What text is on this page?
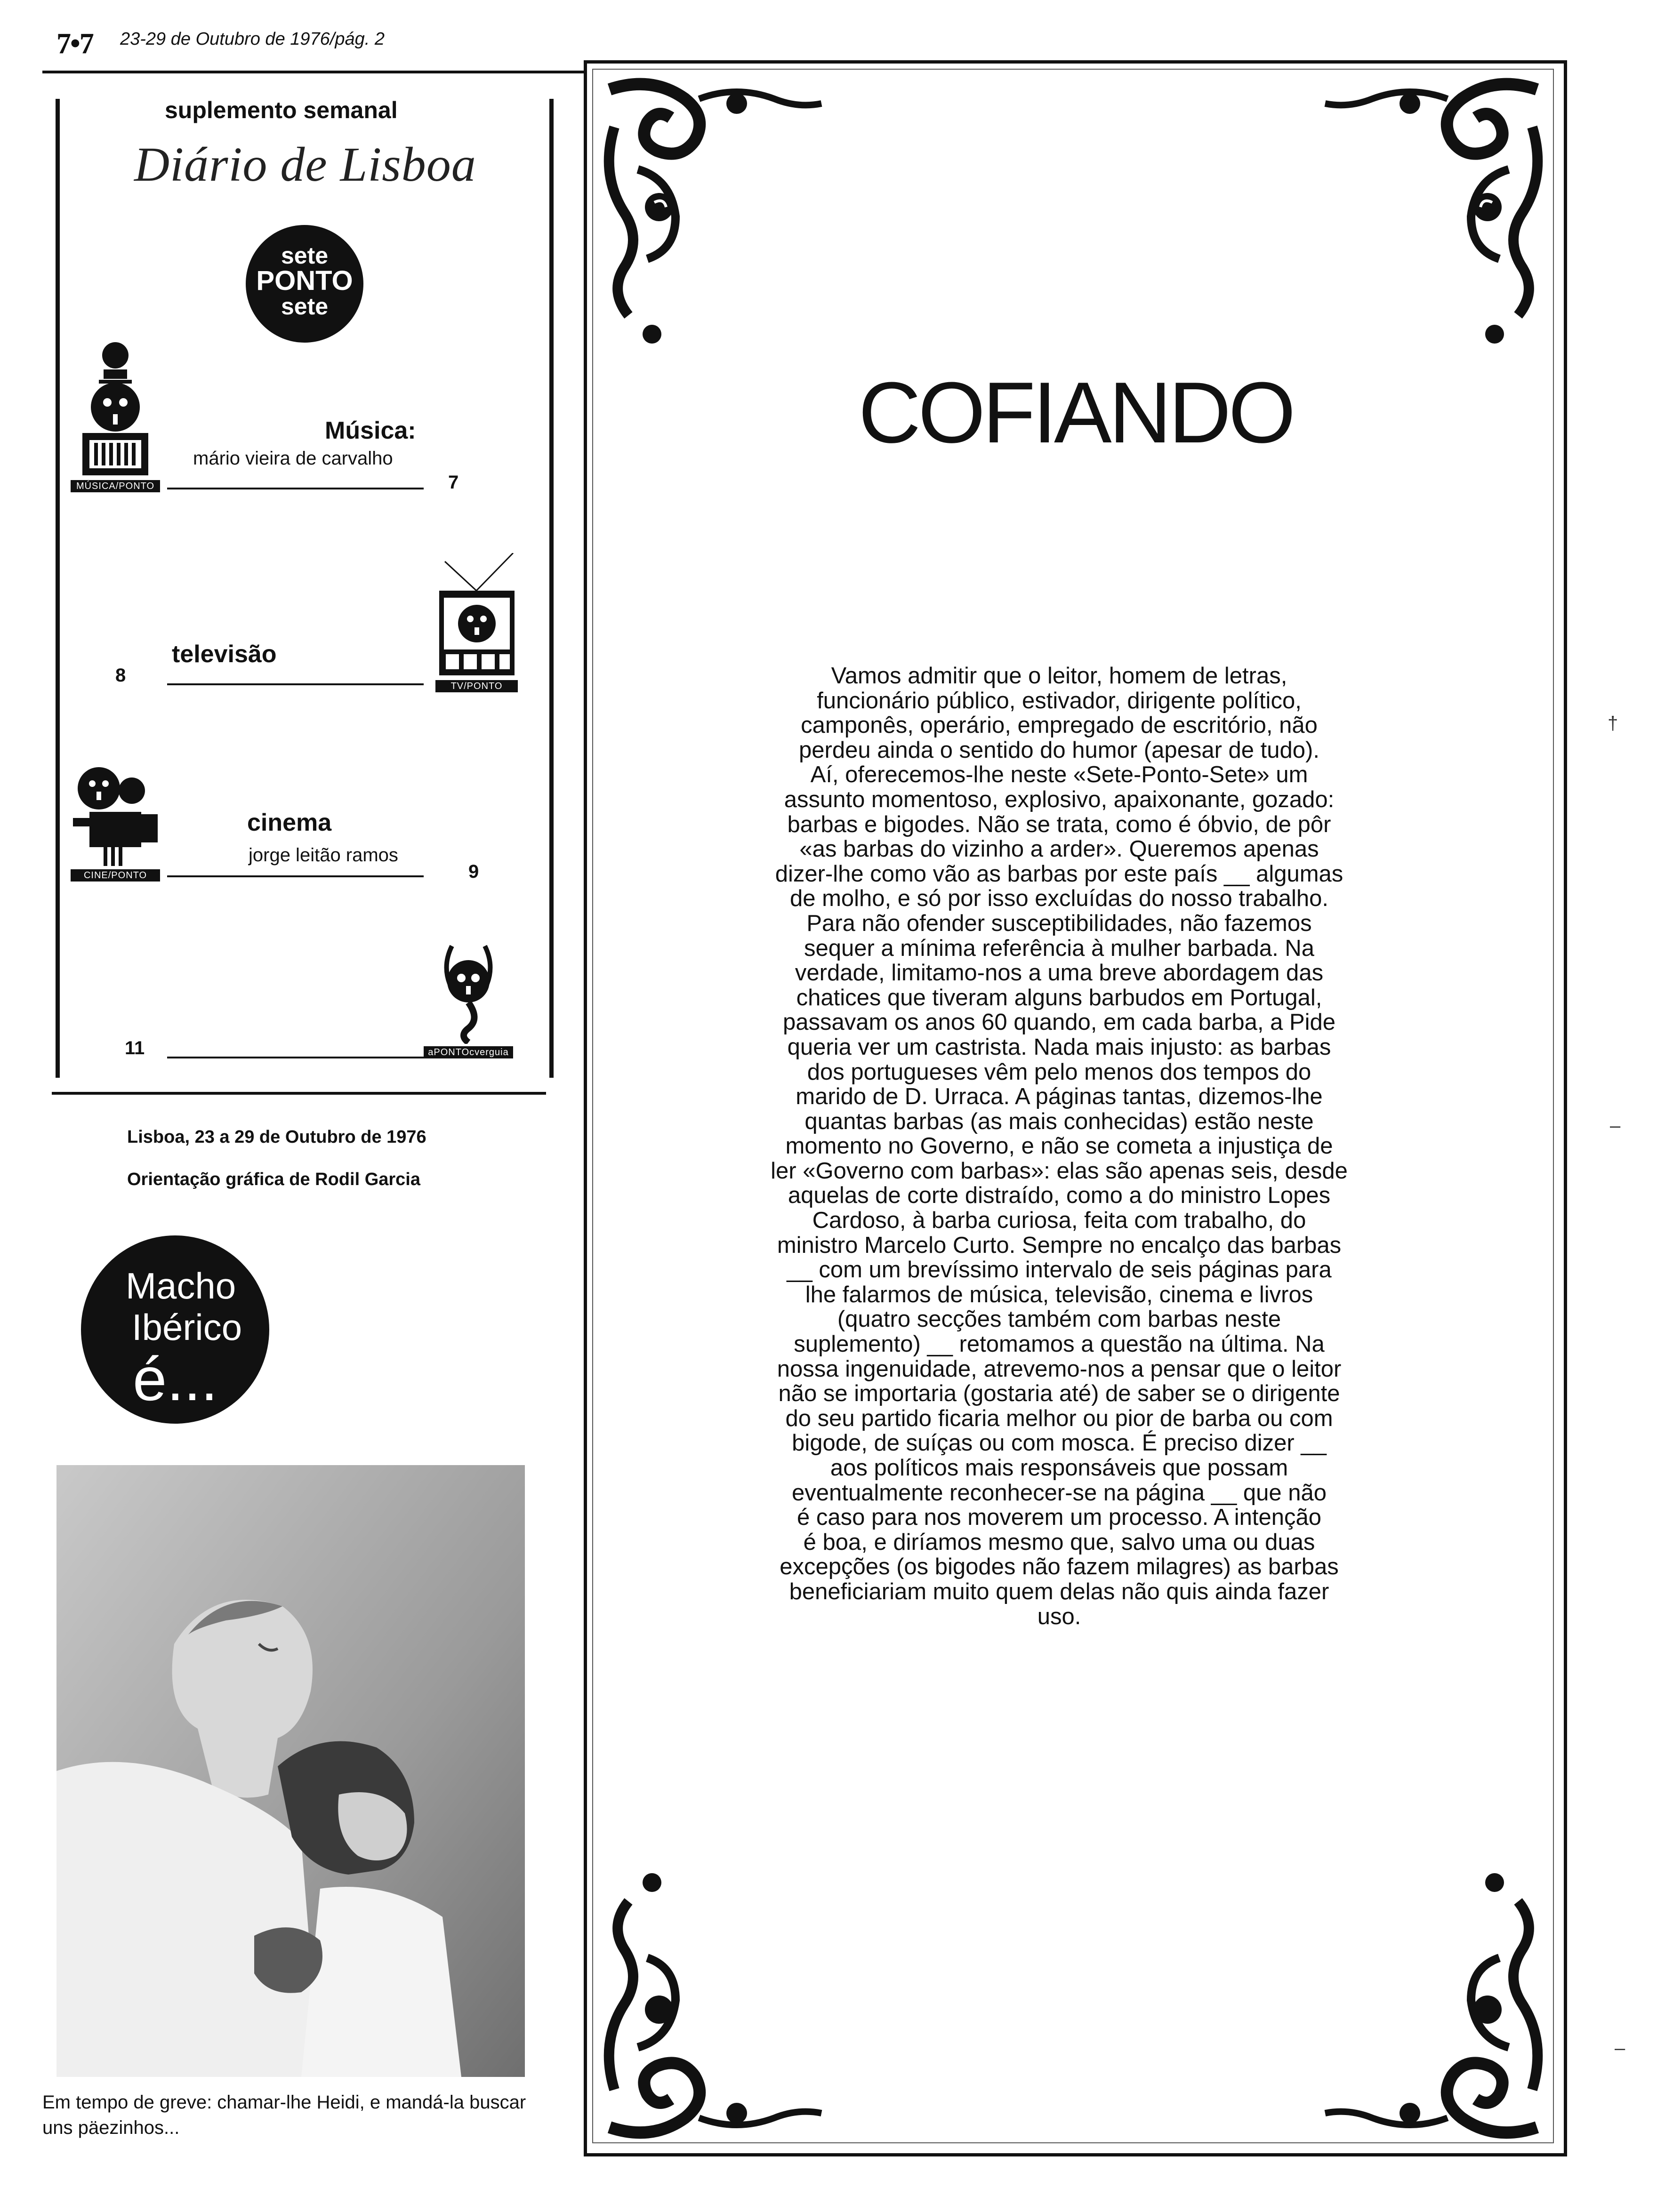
7•7 23-29 de Outubro de 1976/pág. 2
suplemento semanal
Diário de Lisboa
sete
PONTO
sete
MÚSICA/PONTO
Música:
mário vieira de carvalho
7
TV/PONTO
televisão
8
CINE/PONTO
cinema
jorge leitão ramos
9
aPONTOcverguia
11
Lisboa, 23 a 29 de Outubro de 1976
Orientação gráfica de Rodil Garcia
Macho
Ibérico
é...
Em tempo de greve: chamar-lhe Heidi, e mandá-la buscar uns päezinhos...
COFIANDO

Vamos admitir que o leitor, homem de letras,

funcionário público, estivador, dirigente político,

camponês, operário, empregado de escritório, não

perdeu ainda o sentido do humor (apesar de tudo).

Aí, oferecemos-lhe neste «Sete-Ponto-Sete» um

assunto momentoso, explosivo, apaixonante, gozado:

barbas e bigodes. Não se trata, como é óbvio, de pôr

«as barbas do vizinho a arder». Queremos apenas

dizer-lhe como vão as barbas por este país __ algumas

de molho, e só por isso excluídas do nosso trabalho.

Para não ofender susceptibilidades, não fazemos

sequer a mínima referência à mulher barbada. Na

verdade, limitamo-nos a uma breve abordagem das

chatices que tiveram alguns barbudos em Portugal,

passavam os anos 60 quando, em cada barba, a Pide

queria ver um castrista. Nada mais injusto: as barbas

dos portugueses vêm pelo menos dos tempos do

marido de D. Urraca. A páginas tantas, dizemos-lhe

quantas barbas (as mais conhecidas) estão neste

momento no Governo, e não se cometa a injustiça de

ler «Governo com barbas»: elas são apenas seis, desde

aquelas de corte distraído, como a do ministro Lopes

Cardoso, à barba curiosa, feita com trabalho, do

ministro Marcelo Curto. Sempre no encalço das barbas

__ com um brevíssimo intervalo de seis páginas para

lhe falarmos de música, televisão, cinema e livros

(quatro secções também com barbas neste

suplemento) __ retomamos a questão na última. Na

nossa ingenuidade, atrevemo-nos a pensar que o leitor

não se importaria (gostaria até) de saber se o dirigente

do seu partido ficaria melhor ou pior de barba ou com

bigode, de suíças ou com mosca. É preciso dizer __

aos políticos mais responsáveis que possam

eventualmente reconhecer-se na página __ que não

é caso para nos moverem um processo. A intenção

é boa, e diríamos mesmo que, salvo uma ou duas

excepções (os bigodes não fazem milagres) as barbas

beneficiariam muito quem delas não quis ainda fazer

uso.

†
–
–
